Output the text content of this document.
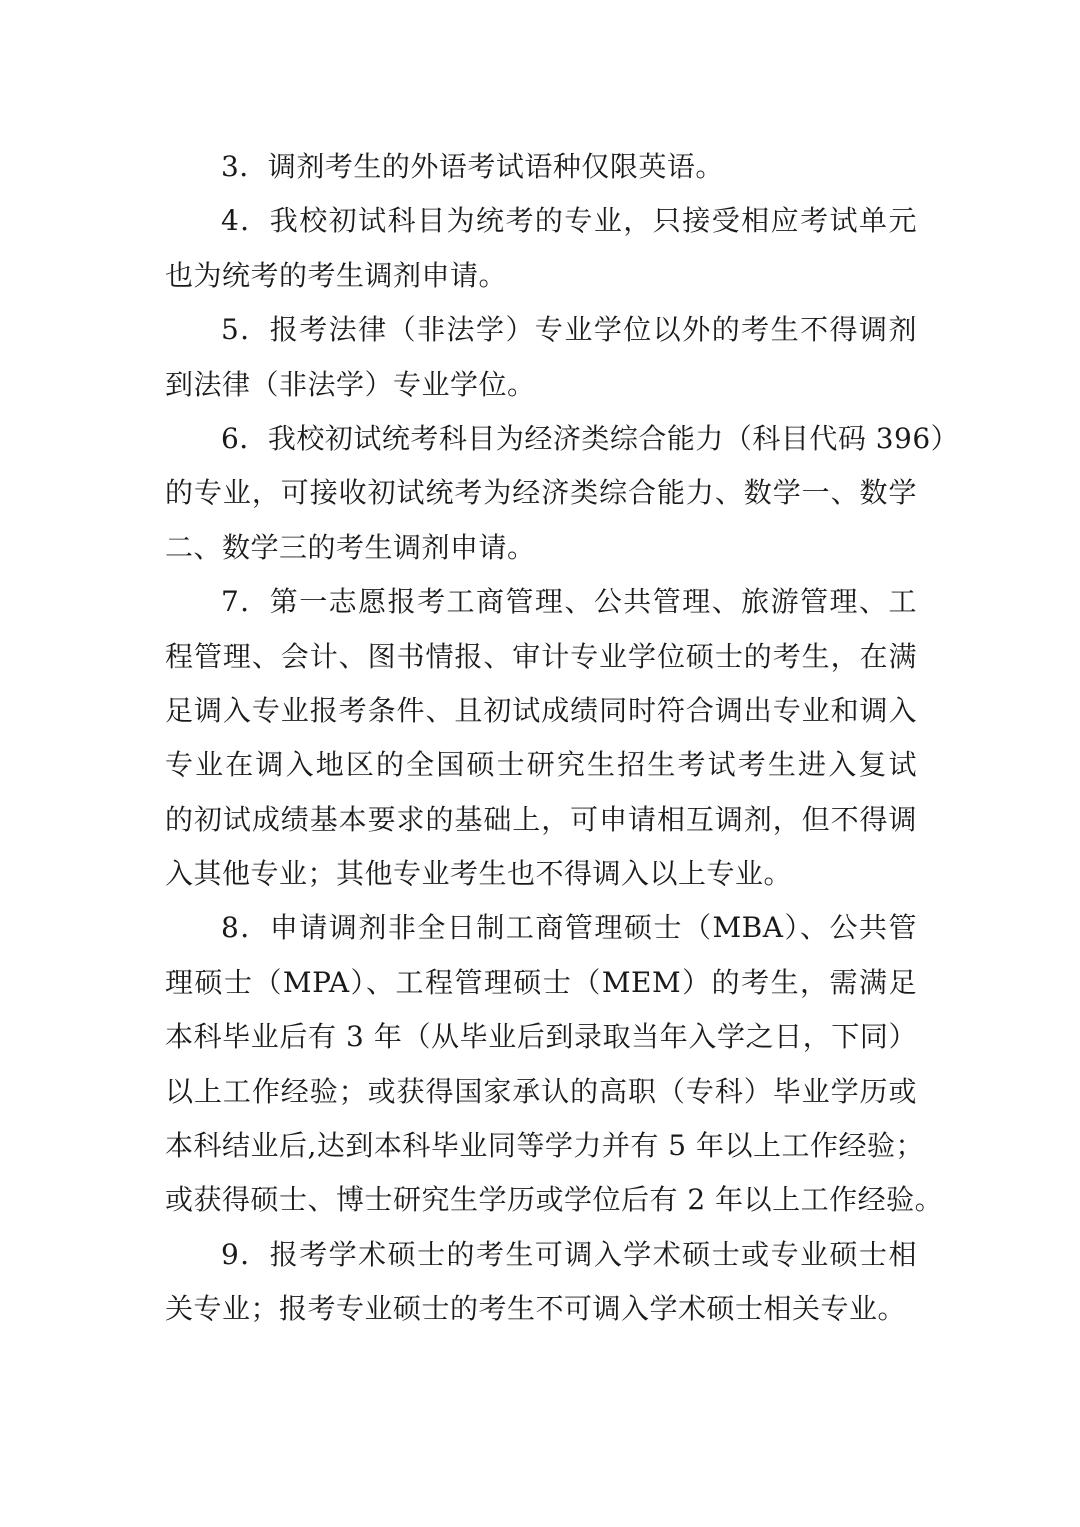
3．调剂考生的外语考试语种仅限英语。
4．我校初试科目为统考的专业，只接受相应考试单元
也为统考的考生调剂申请。
5．报考法律（非法学）专业学位以外的考生不得调剂
到法律（非法学）专业学位。
6．我校初试统考科目为经济类综合能力（科目代码 396）
的专业，可接收初试统考为经济类综合能力、数学一、数学
二、数学三的考生调剂申请。
7．第一志愿报考工商管理、公共管理、旅游管理、工
程管理、会计、图书情报、审计专业学位硕士的考生，在满
足调入专业报考条件、且初试成绩同时符合调出专业和调入
专业在调入地区的全国硕士研究生招生考试考生进入复试
的初试成绩基本要求的基础上，可申请相互调剂，但不得调
入其他专业；其他专业考生也不得调入以上专业。
8．申请调剂非全日制工商管理硕士（MBA）、公共管
理硕士（MPA）、工程管理硕士（MEM）的考生，需满足
本科毕业后有 3 年（从毕业后到录取当年入学之日，下同）
以上工作经验；或获得国家承认的高职（专科）毕业学历或
本科结业后,达到本科毕业同等学力并有 5 年以上工作经验；
或获得硕士、博士研究生学历或学位后有 2 年以上工作经验。
9．报考学术硕士的考生可调入学术硕士或专业硕士相
关专业；报考专业硕士的考生不可调入学术硕士相关专业。
